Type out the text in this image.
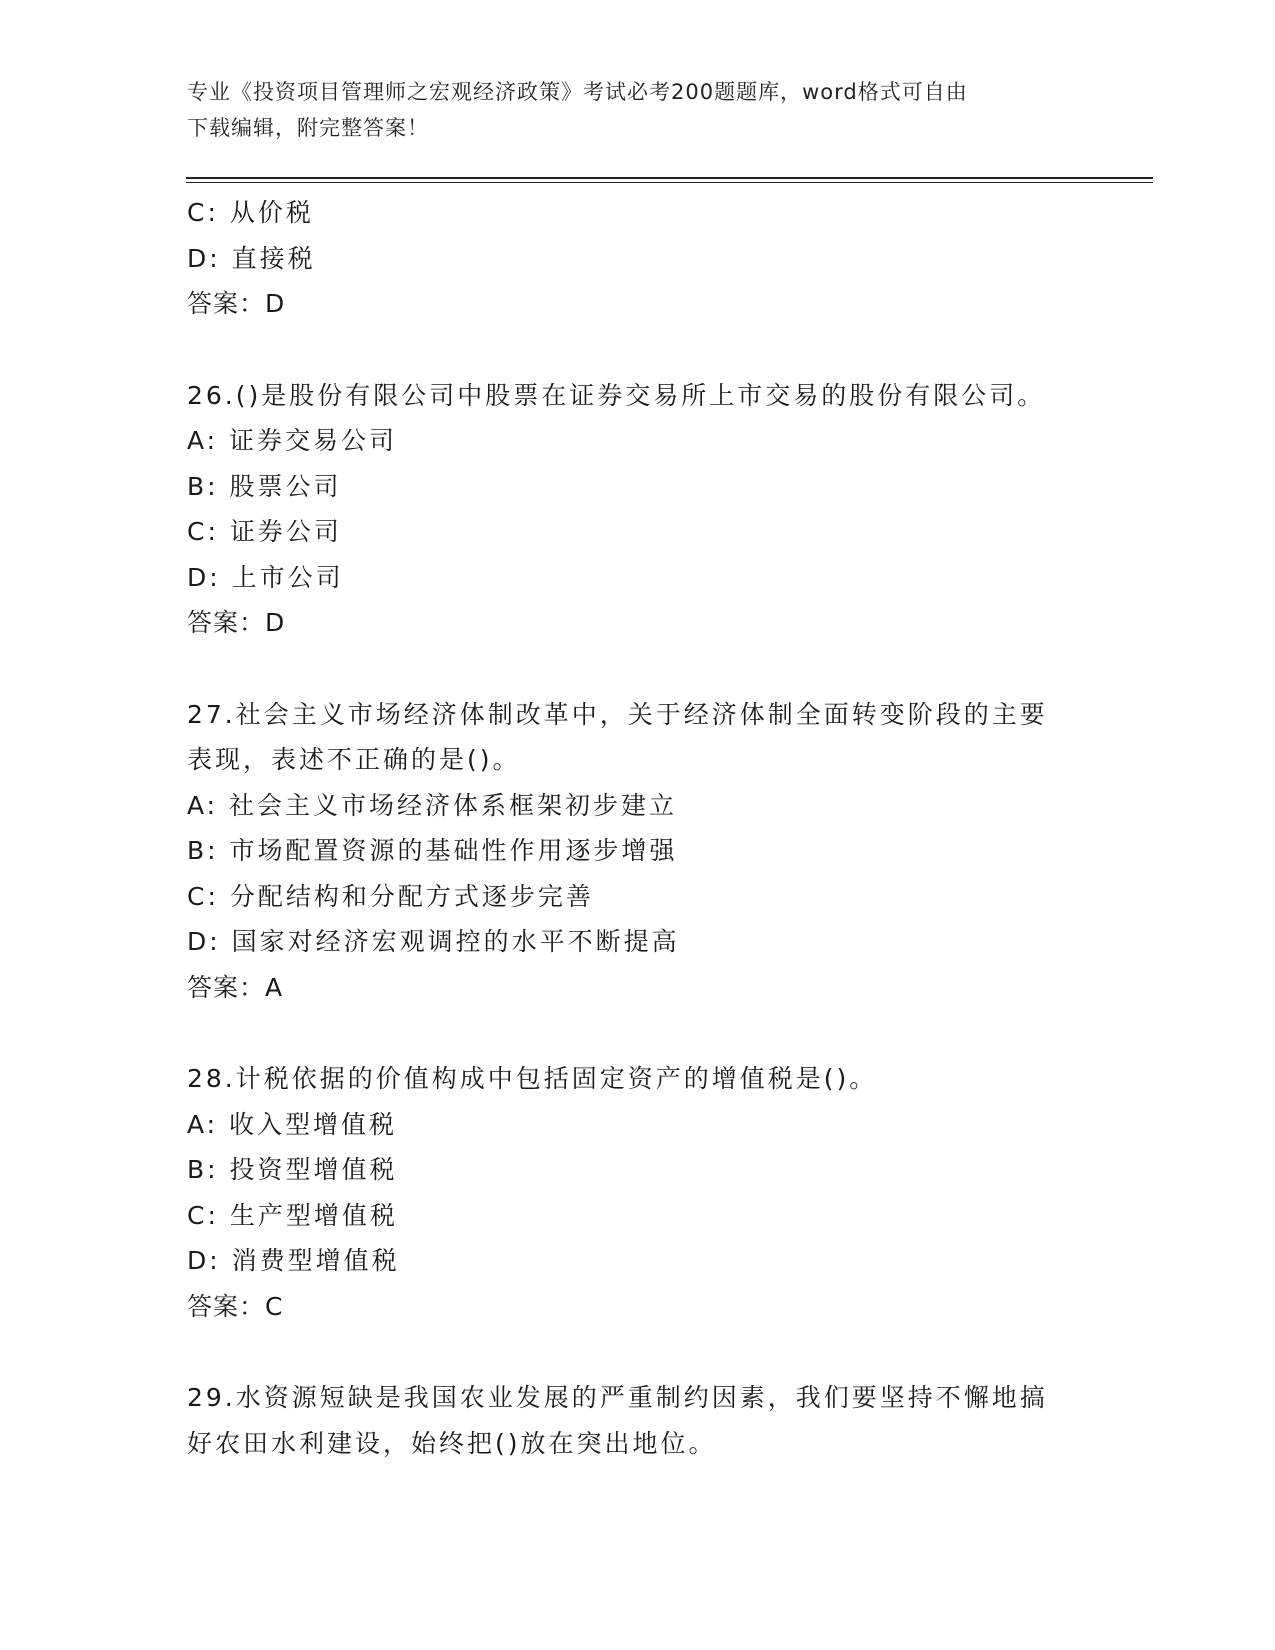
专业《投资项目管理师之宏观经济政策》考试必考200题题库，word格式可自由
下载编辑，附完整答案！
C: 从价税
D: 直接税
答案：D
26.()是股份有限公司中股票在证券交易所上市交易的股份有限公司。
A: 证券交易公司
B: 股票公司
C: 证券公司
D: 上市公司
答案：D
27.社会主义市场经济体制改革中，关于经济体制全面转变阶段的主要
表现，表述不正确的是()。
A: 社会主义市场经济体系框架初步建立
B: 市场配置资源的基础性作用逐步增强
C: 分配结构和分配方式逐步完善
D: 国家对经济宏观调控的水平不断提高
答案：A
28.计税依据的价值构成中包括固定资产的增值税是()。
A: 收入型增值税
B: 投资型增值税
C: 生产型增值税
D: 消费型增值税
答案：C
29.水资源短缺是我国农业发展的严重制约因素，我们要坚持不懈地搞
好农田水利建设，始终把()放在突出地位。
